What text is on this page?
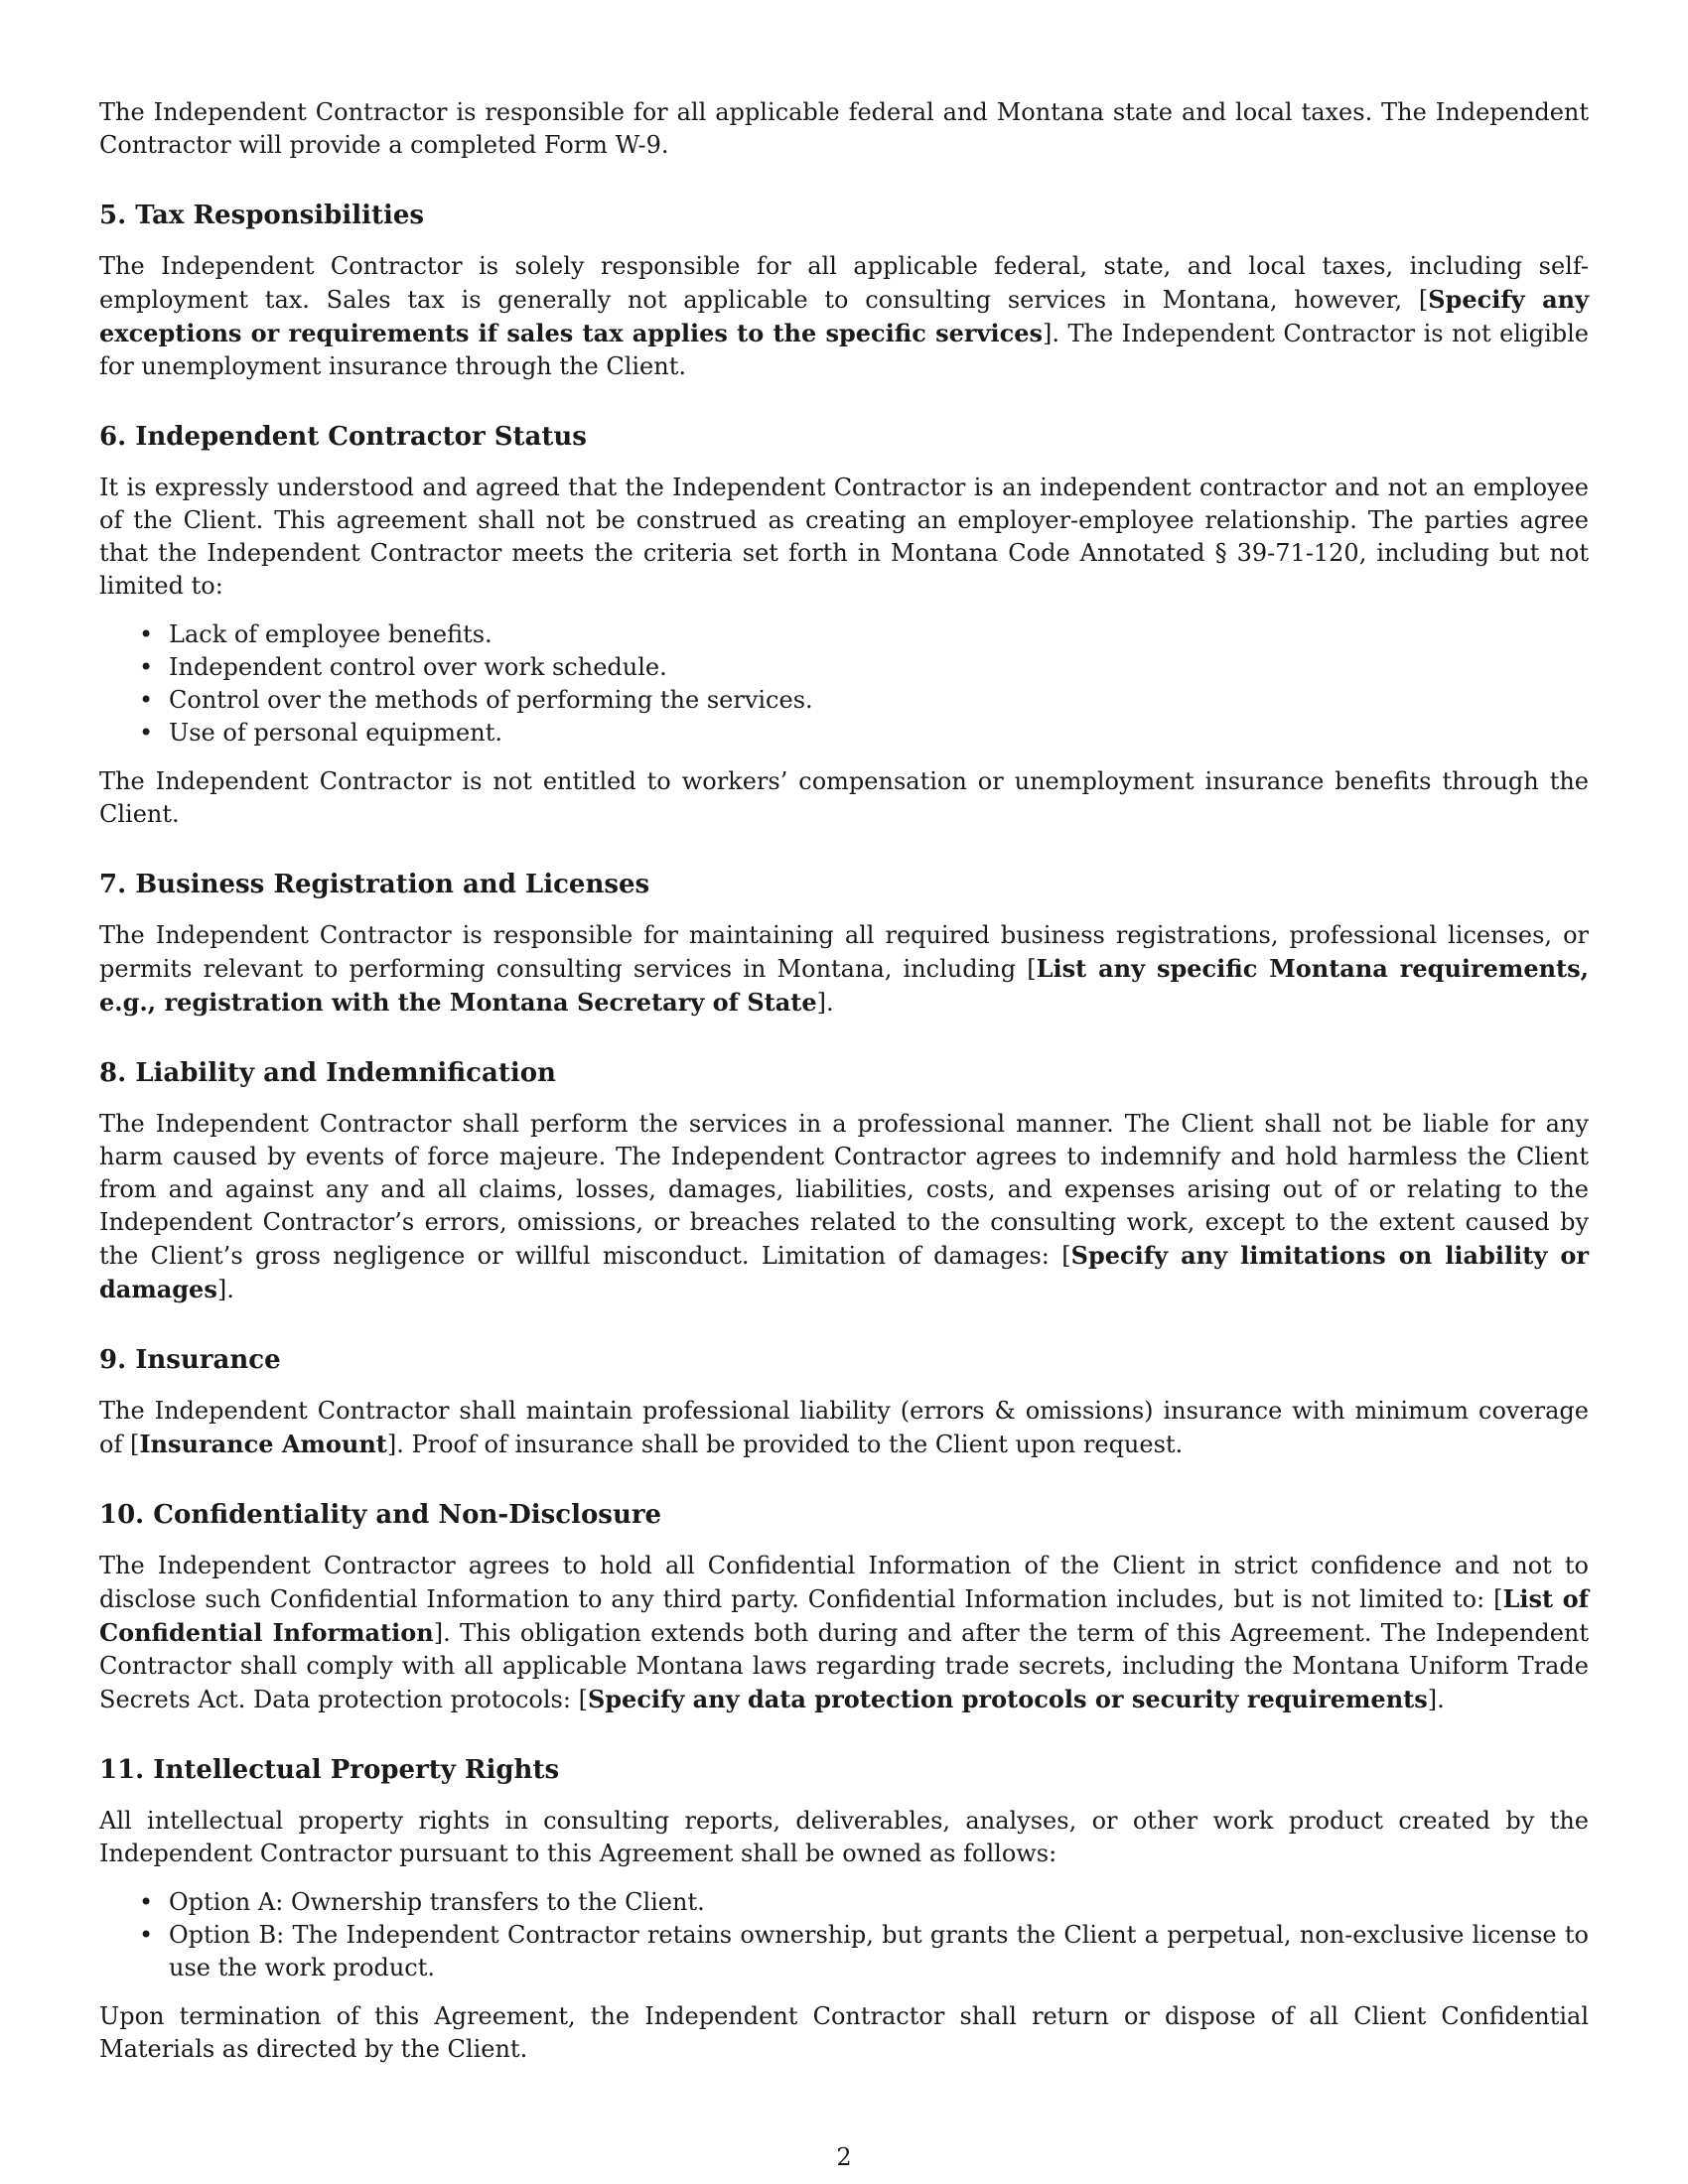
The Independent Contractor is responsible for all applicable federal and Montana state and local taxes. The Independent Contractor will provide a completed Form W-9.

5. Tax Responsibilities

The Independent Contractor is solely responsible for all applicable federal, state, and local taxes, including self-employment tax. Sales tax is generally not applicable to consulting services in Montana, however, [Specify any exceptions or requirements if sales tax applies to the specific services]. The Independent Contractor is not eligible for unemployment insurance through the Client.

6. Independent Contractor Status

It is expressly understood and agreed that the Independent Contractor is an independent contractor and not an employee of the Client. This agreement shall not be construed as creating an employer-employee relationship. The parties agree that the Independent Contractor meets the criteria set forth in Montana Code Annotated § 39-71-120, including but not limited to:

• Lack of employee benefits.
• Independent control over work schedule.
• Control over the methods of performing the services.
• Use of personal equipment.

The Independent Contractor is not entitled to workers’ compensation or unemployment insurance benefits through the Client.

7. Business Registration and Licenses

The Independent Contractor is responsible for maintaining all required business registrations, professional licenses, or permits relevant to performing consulting services in Montana, including [List any specific Montana requirements, e.g., registration with the Montana Secretary of State].

8. Liability and Indemnification

The Independent Contractor shall perform the services in a professional manner. The Client shall not be liable for any harm caused by events of force majeure. The Independent Contractor agrees to indemnify and hold harmless the Client from and against any and all claims, losses, damages, liabilities, costs, and expenses arising out of or relating to the Independent Contractor’s errors, omissions, or breaches related to the consulting work, except to the extent caused by the Client’s gross negligence or willful misconduct. Limitation of damages: [Specify any limitations on liability or damages].

9. Insurance

The Independent Contractor shall maintain professional liability (errors & omissions) insurance with minimum coverage of [Insurance Amount]. Proof of insurance shall be provided to the Client upon request.

10. Confidentiality and Non-Disclosure

The Independent Contractor agrees to hold all Confidential Information of the Client in strict confidence and not to disclose such Confidential Information to any third party. Confidential Information includes, but is not limited to: [List of Confidential Information]. This obligation extends both during and after the term of this Agreement. The Independent Contractor shall comply with all applicable Montana laws regarding trade secrets, including the Montana Uniform Trade Secrets Act. Data protection protocols: [Specify any data protection protocols or security requirements].

11. Intellectual Property Rights

All intellectual property rights in consulting reports, deliverables, analyses, or other work product created by the Independent Contractor pursuant to this Agreement shall be owned as follows:

• Option A: Ownership transfers to the Client.
• Option B: The Independent Contractor retains ownership, but grants the Client a perpetual, non-exclusive license to use the work product.

Upon termination of this Agreement, the Independent Contractor shall return or dispose of all Client Confidential Materials as directed by the Client.

2
